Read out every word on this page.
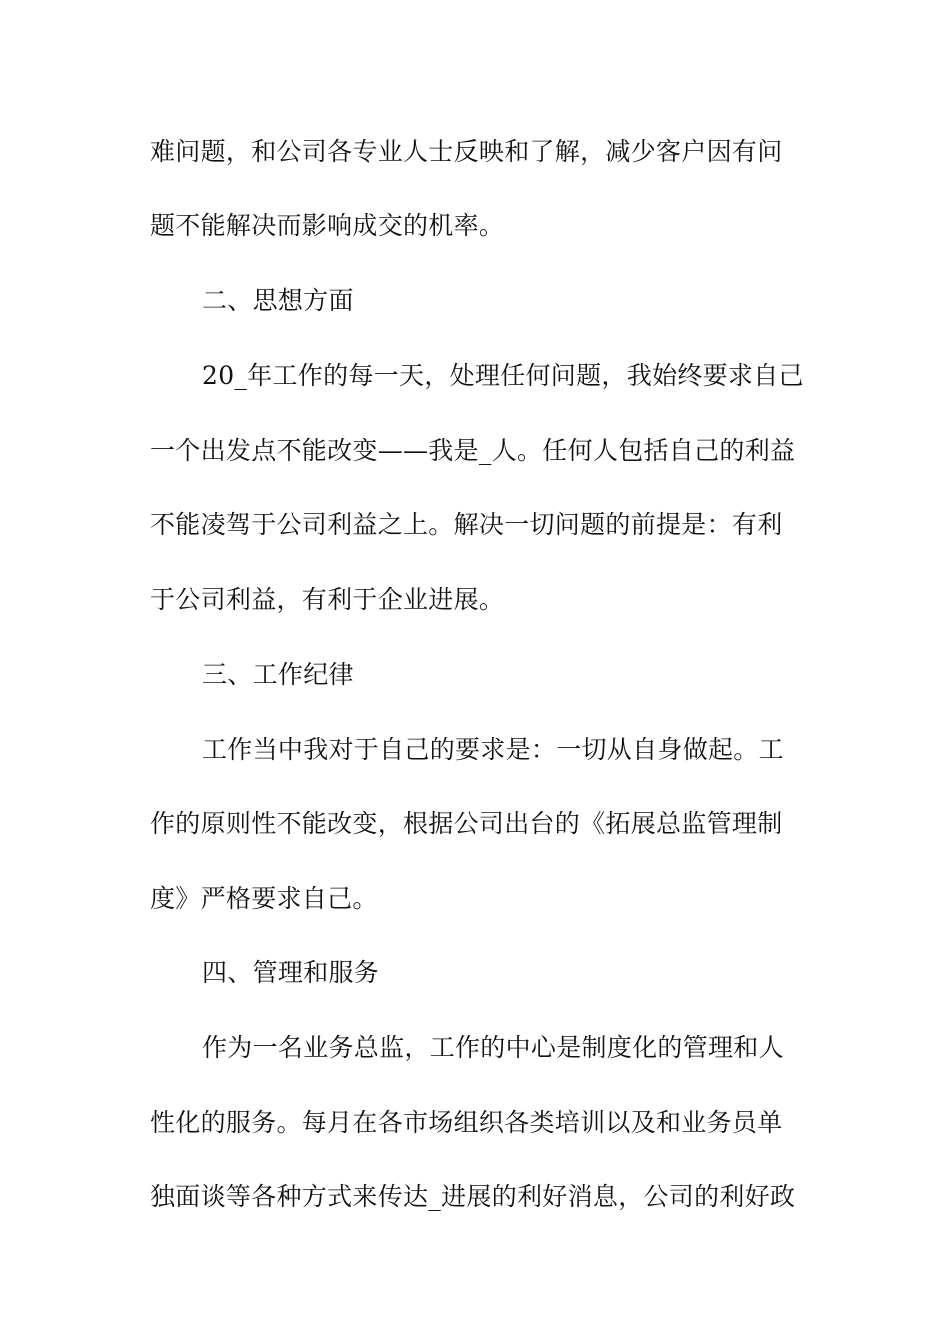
难问题，和公司各专业人士反映和了解，减少客户因有问
题不能解决而影响成交的机率。
二、思想方面
20_年工作的每一天，处理任何问题，我始终要求自己
一个出发点不能改变——我是_人。任何人包括自己的利益
不能凌驾于公司利益之上。解决一切问题的前提是：有利
于公司利益，有利于企业进展。
三、工作纪律
工作当中我对于自己的要求是：一切从自身做起。工
作的原则性不能改变，根据公司出台的《拓展总监管理制
度》严格要求自己。
四、管理和服务
作为一名业务总监，工作的中心是制度化的管理和人
性化的服务。每月在各市场组织各类培训以及和业务员单
独面谈等各种方式来传达_进展的利好消息，公司的利好政
